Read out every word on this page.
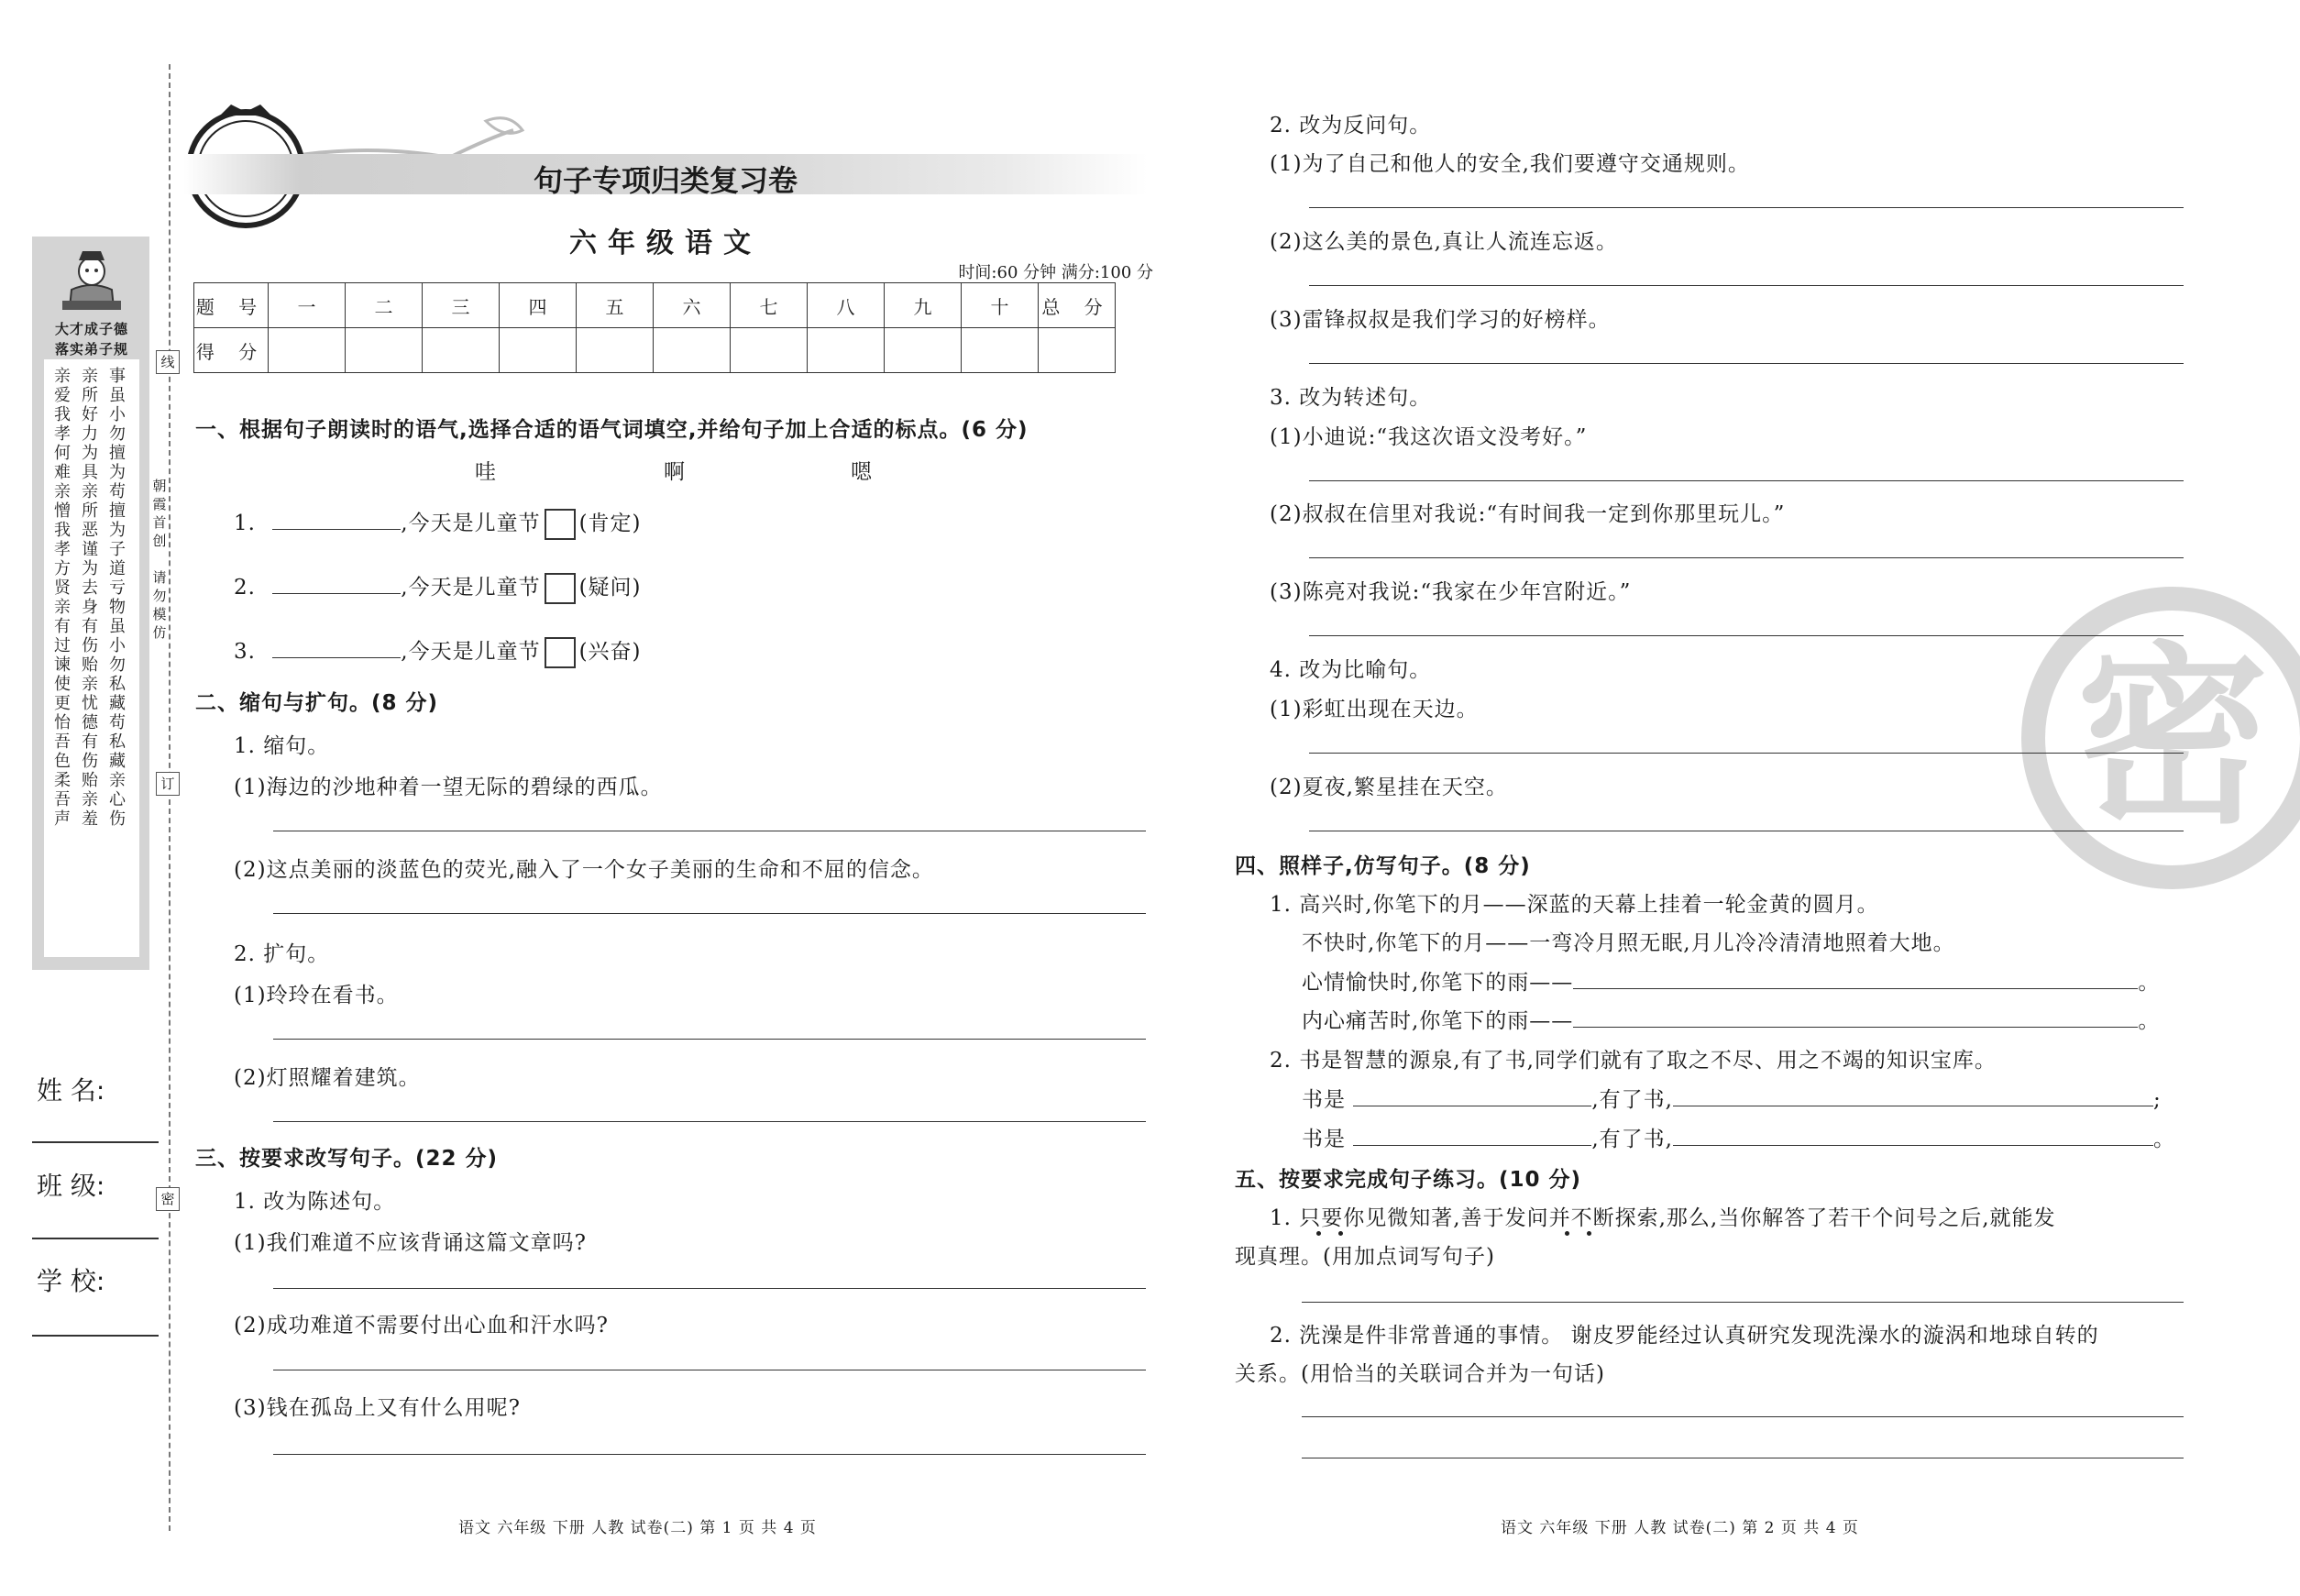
大才成子德
落实弟子规
亲爱我孝何难亲憎我孝方贤亲有过谏使更怡吾色柔吾声
亲所好力为具亲所恶谨为去身有伤贻亲忧德有伤贻亲羞
事虽小勿擅为苟擅为子道亏物虽小勿私藏苟私藏亲心伤
线
订
密
朝霞首创
请勿模仿
姓 名:
班 级:
学 校:
句子专项归类复习卷
六年级语文
时间:60 分钟 满分:100 分
题 号	一	二	三	四	五	六	七	八	九	十	总 分
得 分											
一、根据句子朗读时的语气,选择合适的语气词填空,并给句子加上合适的标点。(6 分)
哇	啊	嗯
1.	,今天是儿童节 (肯定)
2.	,今天是儿童节 (疑问)
3.	,今天是儿童节 (兴奋)
二、缩句与扩句。(8 分)
1. 缩句。
(1)海边的沙地种着一望无际的碧绿的西瓜。
(2)这点美丽的淡蓝色的荧光,融入了一个女子美丽的生命和不屈的信念。
2. 扩句。
(1)玲玲在看书。
(2)灯照耀着建筑。
三、按要求改写句子。(22 分)
1. 改为陈述句。
(1)我们难道不应该背诵这篇文章吗?
(2)成功难道不需要付出心血和汗水吗?
(3)钱在孤岛上又有什么用呢?
语文 六年级 下册 人教 试卷(二) 第 1 页 共 4 页
密
2. 改为反问句。
(1)为了自己和他人的安全,我们要遵守交通规则。
(2)这么美的景色,真让人流连忘返。
(3)雷锋叔叔是我们学习的好榜样。
3. 改为转述句。
(1)小迪说:“我这次语文没考好。”
(2)叔叔在信里对我说:“有时间我一定到你那里玩儿。”
(3)陈亮对我说:“我家在少年宫附近。”
4. 改为比喻句。
(1)彩虹出现在天边。
(2)夏夜,繁星挂在天空。
四、照样子,仿写句子。(8 分)
1. 高兴时,你笔下的月——深蓝的天幕上挂着一轮金黄的圆月。
不快时,你笔下的月——一弯冷月照无眠,月儿冷冷清清地照着大地。
心情愉快时,你笔下的雨——	。
内心痛苦时,你笔下的雨——	。
2. 书是智慧的源泉,有了书,同学们就有了取之不尽、用之不竭的知识宝库。
书是	,有了书,	;
书是	,有了书,	。
五、按要求完成句子练习。(10 分)
1. 只要你见微知著,善于发问并不断探索,那么,当你解答了若干个问号之后,就能发
现真理。(用加点词写句子)
2. 洗澡是件非常普通的事情。 谢皮罗能经过认真研究发现洗澡水的漩涡和地球自转的
关系。(用恰当的关联词合并为一句话)
语文 六年级 下册 人教 试卷(二) 第 2 页 共 4 页
